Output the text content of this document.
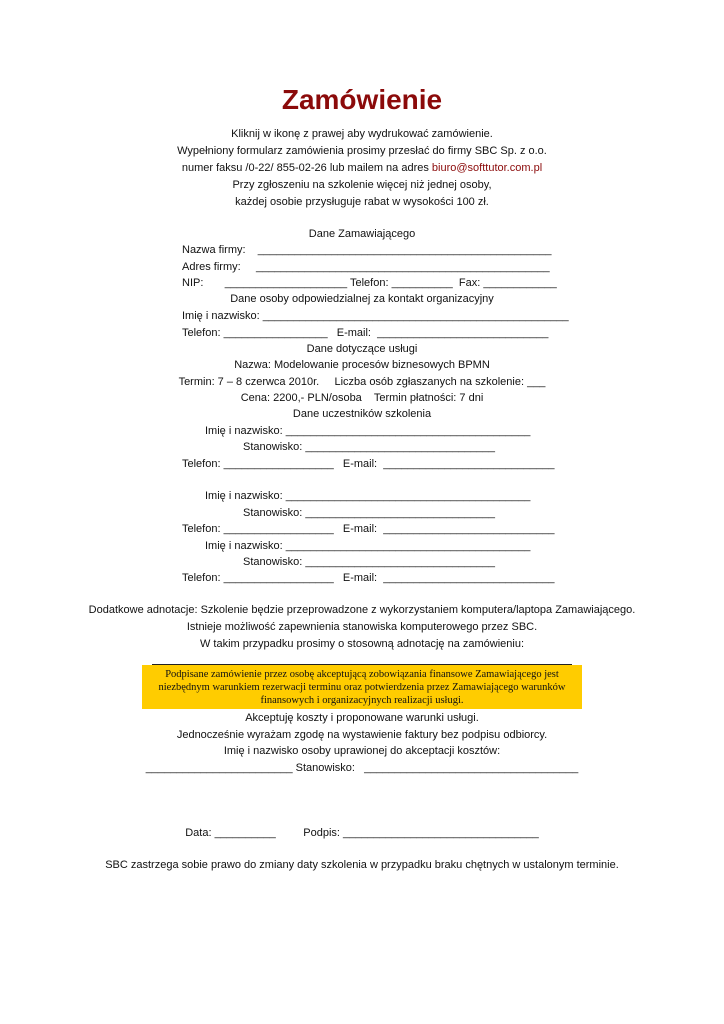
Zamówienie
Kliknij w ikonę z prawej aby wydrukować zamówienie.
Wypełniony formularz zamówienia prosimy przesłać do firmy SBC Sp. z o.o.
numer faksu /0-22/ 855-02-26 lub mailem na adres biuro@softtutor.com.pl
Przy zgłoszeniu na szkolenie więcej niż jednej osoby,
każdej osobie przysługuje rabat w wysokości 100 zł.
Dane Zamawiającego
Nazwa firmy:    ________________________________________________
Adres firmy:     ________________________________________________
NIP:       ____________________ Telefon: __________  Fax: ____________
Dane osoby odpowiedzialnej za kontakt organizacyjny
Imię i nazwisko: __________________________________________________
Telefon: _________________   E-mail:  ____________________________
Dane dotyczące usługi
Nazwa: Modelowanie procesów biznesowych BPMN
Termin: 7 – 8 czerwca 2010r.     Liczba osób zgłaszanych na szkolenie: ___
Cena: 2200,- PLN/osoba    Termin płatności: 7 dni
Dane uczestników szkolenia
Imię i nazwisko: ________________________________________
Stanowisko: _______________________________
Telefon: __________________   E-mail:  ____________________________
Imię i nazwisko: ________________________________________
Stanowisko: _______________________________
Telefon: __________________   E-mail:  ____________________________
Imię i nazwisko: ________________________________________
Stanowisko: _______________________________
Telefon: __________________   E-mail:  ____________________________
Dodatkowe adnotacje: Szkolenie będzie przeprowadzone z wykorzystaniem komputera/laptopa Zamawiającego.
Istnieje możliwość zapewnienia stanowiska komputerowego przez SBC.
W takim przypadku prosimy o stosowną adnotację na zamówieniu:
Podpisane zamówienie przez osobę akceptującą zobowiązania finansowe Zamawiającego jest
niezbędnym warunkiem rezerwacji terminu oraz potwierdzenia przez Zamawiającego warunków
finansowych i organizacyjnych realizacji usługi.
Akceptuję koszty i proponowane warunki usługi.
Jednocześnie wyrażam zgodę na wystawienie faktury bez podpisu odbiorcy.
Imię i nazwisko osoby uprawionej do akceptacji kosztów:
________________________ Stanowisko:   ___________________________________
Data: __________         Podpis: ________________________________
SBC zastrzega sobie prawo do zmiany daty szkolenia w przypadku braku chętnych w ustalonym terminie.
